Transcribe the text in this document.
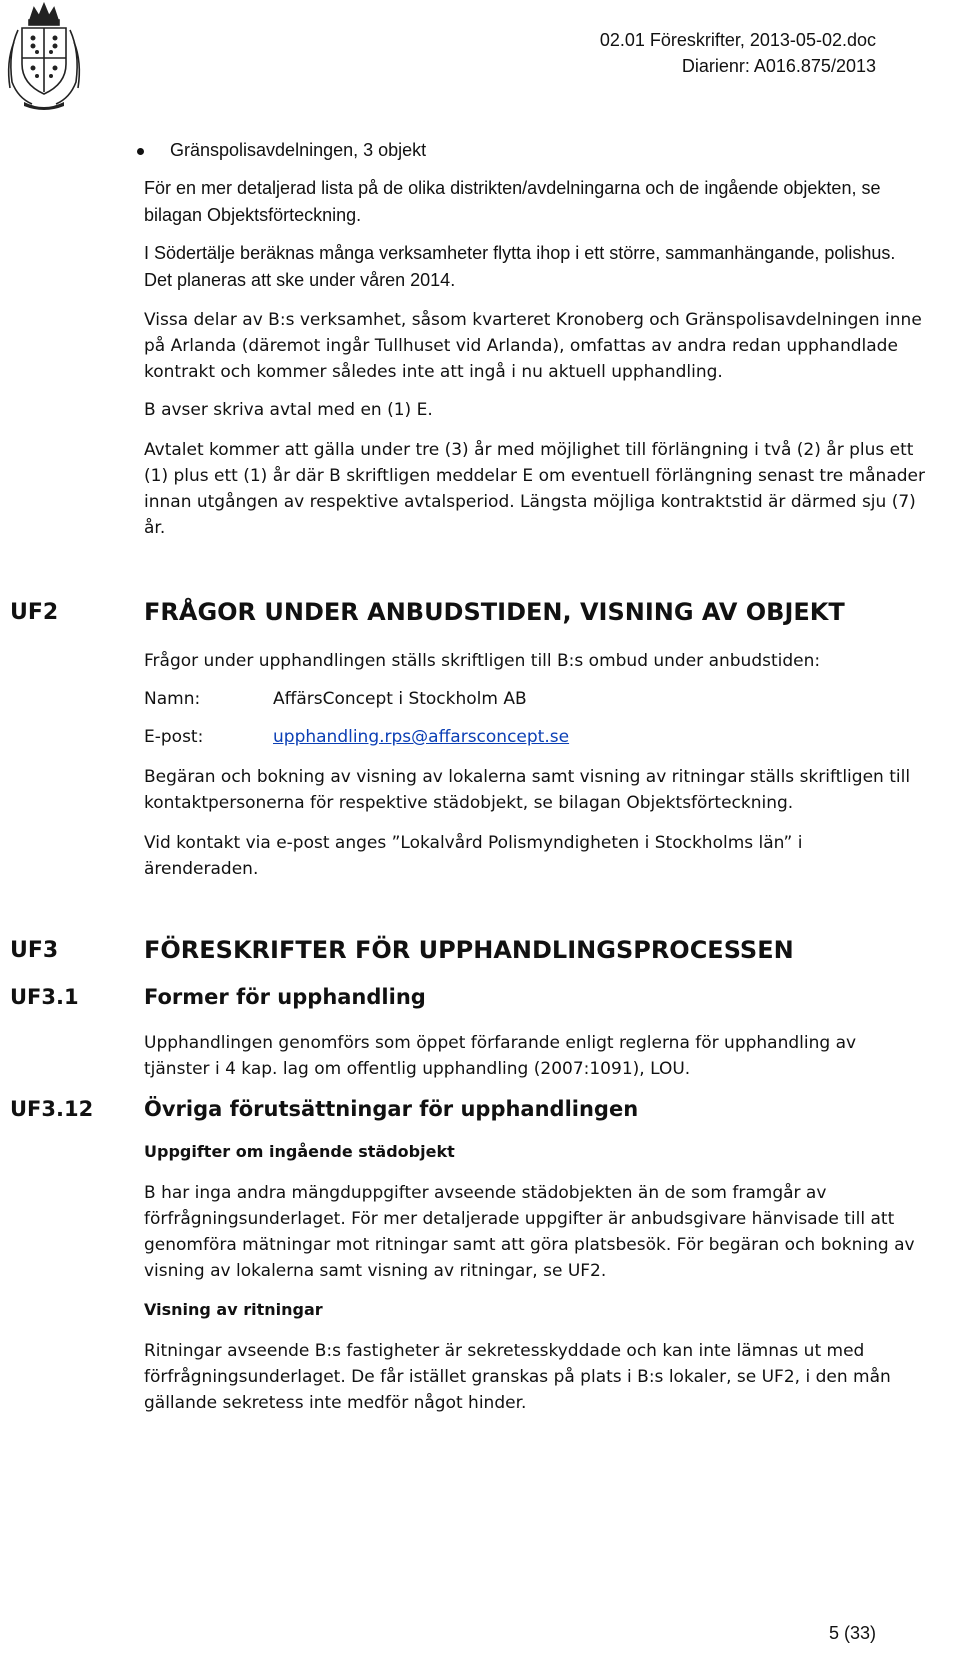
02.01 Föreskrifter, 2013-05-02.doc
Diarienr: A016.875/2013
Gränspolisavdelningen, 3 objekt

För en mer detaljerad lista på de olika distrikten/avdelningarna och de ingående objekten, se bilagan Objektsförteckning.

I Södertälje beräknas många verksamheter flytta ihop i ett större, sammanhängande, polishus. Det planeras att ske under våren 2014.

Vissa delar av B:s verksamhet, såsom kvarteret Kronoberg och Gränspolisavdelningen inne på Arlanda (däremot ingår Tullhuset vid Arlanda), omfattas av andra redan upphandlade kontrakt och kommer således inte att ingå i nu aktuell upphandling.

B avser skriva avtal med en (1) E.

Avtalet kommer att gälla under tre (3) år med möjlighet till förlängning i två (2) år plus ett (1) plus ett (1) år där B skriftligen meddelar E om eventuell förlängning senast tre månader innan utgången av respektive avtalsperiod. Längsta möjliga kontraktstid är därmed sju (7) år.

UF2	FRÅGOR UNDER ANBUDSTIDEN, VISNING AV OBJEKT

Frågor under upphandlingen ställs skriftligen till B:s ombud under anbudstiden:

Namn:	AffärsConcept i Stockholm AB
E-post:	upphandling.rps@affarsconcept.se

Begäran och bokning av visning av lokalerna samt visning av ritningar ställs skriftligen till kontaktpersonerna för respektive städobjekt, se bilagan Objektsförteckning.

Vid kontakt via e-post anges ”Lokalvård Polismyndigheten i Stockholms län” i ärenderaden.

UF3	FÖRESKRIFTER FÖR UPPHANDLINGSPROCESSEN
UF3.1	Former för upphandling

Upphandlingen genomförs som öppet förfarande enligt reglerna för upphandling av tjänster i 4 kap. lag om offentlig upphandling (2007:1091), LOU.

UF3.12 Övriga förutsättningar för upphandlingen
Uppgifter om ingående städobjekt

B har inga andra mängduppgifter avseende städobjekten än de som framgår av förfrågningsunderlaget. För mer detaljerade uppgifter är anbudsgivare hänvisade till att genomföra mätningar mot ritningar samt att göra platsbesök. För begäran och bokning av visning av lokalerna samt visning av ritningar, se UF2.

Visning av ritningar

Ritningar avseende B:s fastigheter är sekretesskyddade och kan inte lämnas ut med förfrågningsunderlaget. De får istället granskas på plats i B:s lokaler, se UF2, i den mån gällande sekretess inte medför något hinder.

5 (33)
